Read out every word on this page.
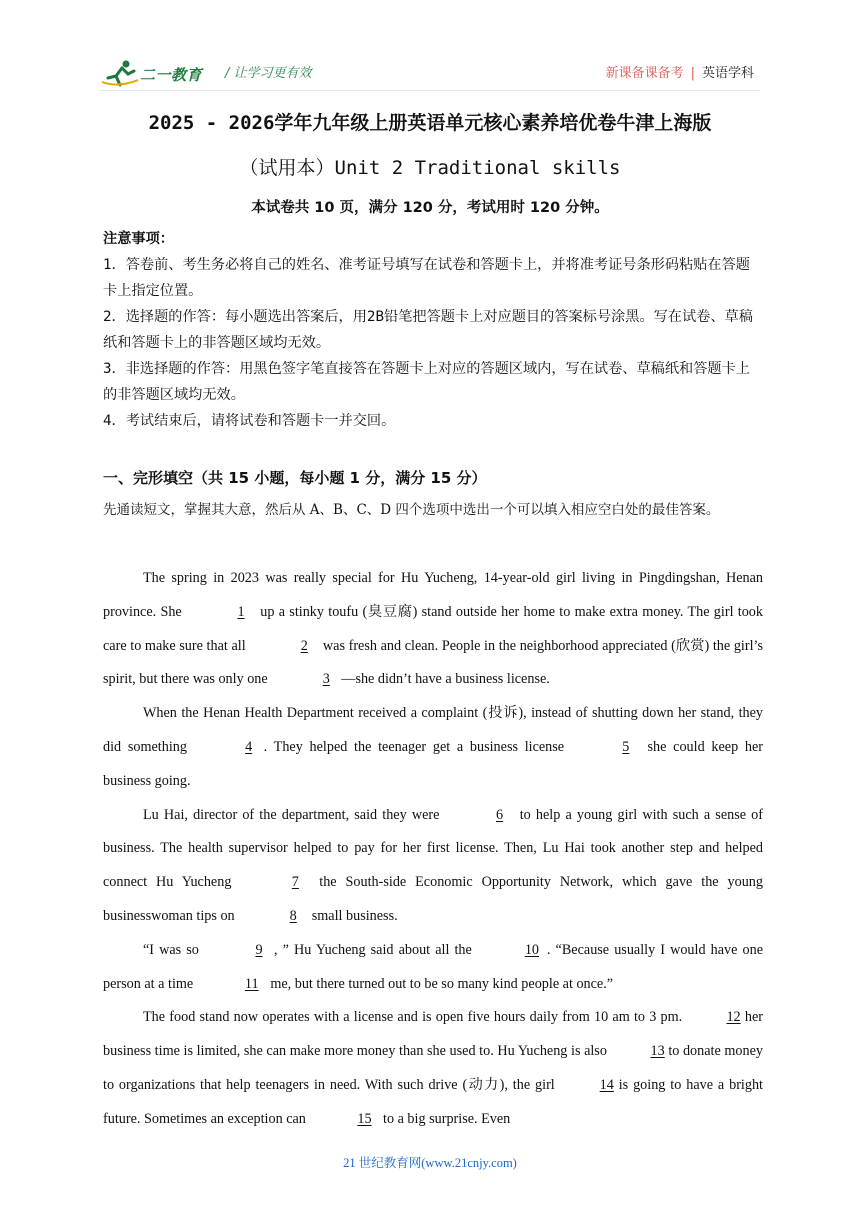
二一教育 / 让学习更有效	新课备课备考 | 英语学科
2025 - 2026学年九年级上册英语单元核心素养培优卷牛津上海版
（试用本）Unit 2 Traditional skills
本试卷共 10 页，满分 120 分，考试用时 120 分钟。
注意事项：
1．答卷前、考生务必将自己的姓名、准考证号填写在试卷和答题卡上，并将准考证号条形码粘贴在答题卡上指定位置。
2．选择题的作答：每小题选出答案后，用2B铅笔把答题卡上对应题目的答案标号涂黑。写在试卷、草稿纸和答题卡上的非答题区域均无效。
3．非选择题的作答：用黑色签字笔直接答在答题卡上对应的答题区域内，写在试卷、草稿纸和答题卡上的非答题区域均无效。
4．考试结束后，请将试卷和答题卡一并交回。
一、完形填空（共 15 小题，每小题 1 分，满分 15 分）
先通读短文，掌握其大意，然后从 A、B、C、D 四个选项中选出一个可以填入相应空白处的最佳答案。

The spring in 2023 was really special for Hu Yucheng, 14-year-old girl living in Pingdingshan, Henan province. She	1 up a stinky toufu (臭豆腐) stand outside her home to make extra money. The girl took care to make sure that all	2 was fresh and clean. People in the neighborhood appreciated (欣赏) the girl’s spirit, but there was only one	3 —she didn’t have a business license.

When the Henan Health Department received a complaint (投诉), instead of shutting down her stand, they did something	4 . They helped the teenager get a business license	5 she could keep her business going.

Lu Hai, director of the department, said they were	6 to help a young girl with such a sense of business. The health supervisor helped to pay for her first license. Then, Lu Hai took another step and helped connect Hu Yucheng	7 the South-side Economic Opportunity Network, which gave the young businesswoman tips on	8 small business.

“I was so	9 , ” Hu Yucheng said about all the	10 . “Because usually I would have one person at a time	11 me, but there turned out to be so many kind people at once.”

The food stand now operates with a license and is open five hours daily from 10 am to 3 pm.	12 her business time is limited, she can make more money than she used to. Hu Yucheng is also	13 to donate money to organizations that help teenagers in need. With such drive (动力), the girl	14 is going to have a bright future. Sometimes an exception can	15 to a big surprise. Even

21 世纪教育网(www.21cnjy.com)
